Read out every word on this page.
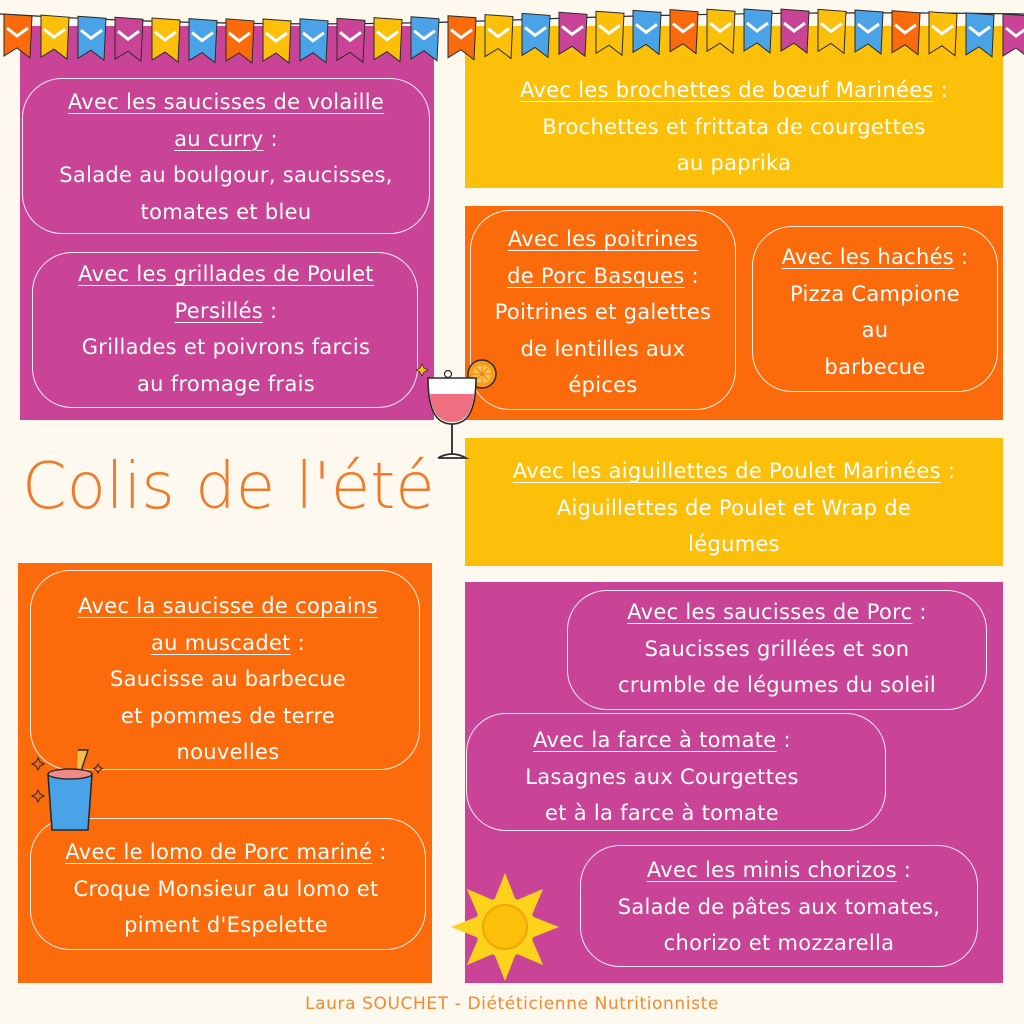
Avec les saucisses de volaille
au curry :
Salade au boulgour, saucisses,
tomates et bleu
Avec les grillades de Poulet
Persillés :
Grillades et poivrons farcis
au fromage frais
Avec les brochettes de bœuf Marinées :
Brochettes et frittata de courgettes
au paprika
Avec les poitrines
de Porc Basques :
Poitrines et galettes
de lentilles aux
épices
Avec les hachés :
Pizza Campione
au
barbecue
Avec les aiguillettes de Poulet Marinées :
Aiguillettes de Poulet et Wrap de
légumes
Avec la saucisse de copains
au muscadet :
Saucisse au barbecue
et pommes de terre
nouvelles
Avec le lomo de Porc mariné :
Croque Monsieur au lomo et
piment d'Espelette
Avec les saucisses de Porc :
Saucisses grillées et son
crumble de légumes du soleil
Avec la farce à tomate :
Lasagnes aux Courgettes
et à la farce à tomate
Avec les minis chorizos :
Salade de pâtes aux tomates,
chorizo et mozzarella
Colis de l'été
Laura SOUCHET - Diététicienne Nutritionniste
